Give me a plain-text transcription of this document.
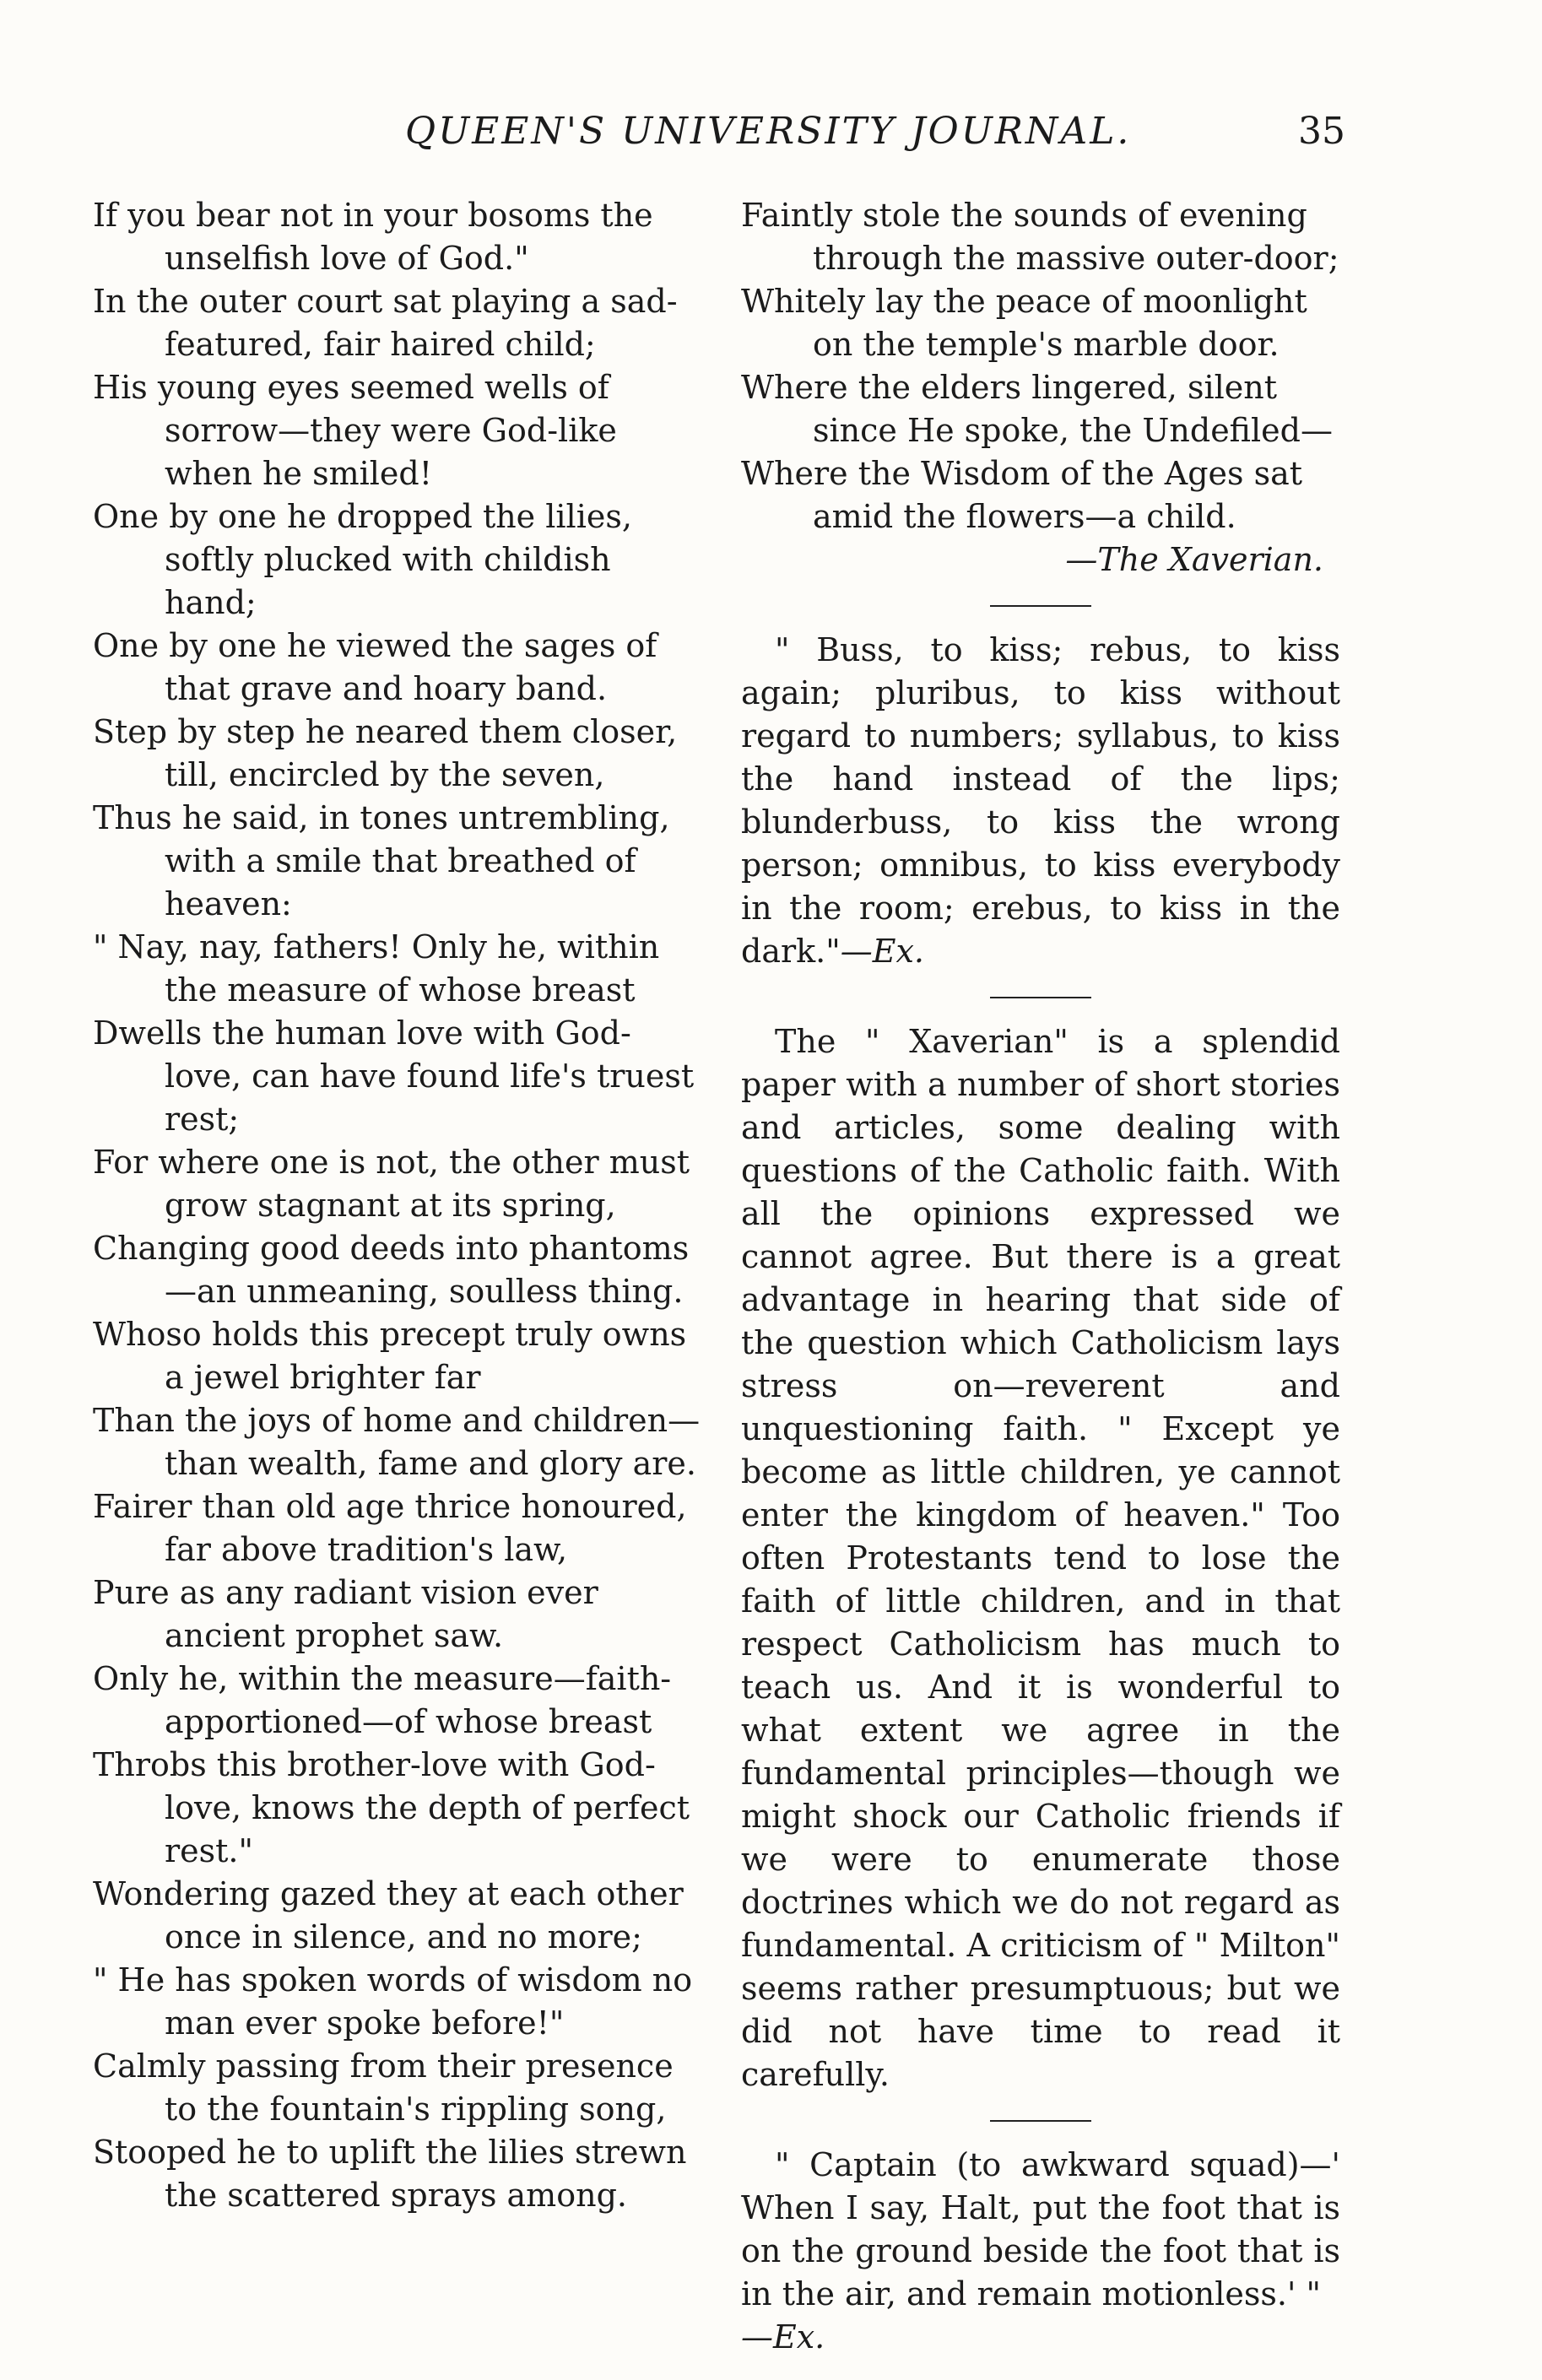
QUEEN'S UNIVERSITY JOURNAL.	35
If you bear not in your bosoms the unselfish love of God."
In the outer court sat playing a sad-featured, fair haired child;
His young eyes seemed wells of sorrow—they were God-like when he smiled!
One by one he dropped the lilies, softly plucked with childish hand;
One by one he viewed the sages of that grave and hoary band.
Step by step he neared them closer, till, encircled by the seven,
Thus he said, in tones untrembling, with a smile that breathed of heaven:
" Nay, nay, fathers! Only he, within the measure of whose breast
Dwells the human love with God-love, can have found life's truest rest;
For where one is not, the other must grow stagnant at its spring,
Changing good deeds into phantoms—an unmeaning, soulless thing.
Whoso holds this precept truly owns a jewel brighter far
Than the joys of home and children—than wealth, fame and glory are.
Fairer than old age thrice honoured, far above tradition's law,
Pure as any radiant vision ever ancient prophet saw.
Only he, within the measure—faith-apportioned—of whose breast
Throbs this brother-love with God-love, knows the depth of perfect rest."
Wondering gazed they at each other once in silence, and no more;
" He has spoken words of wisdom no man ever spoke before!"
Calmly passing from their presence to the fountain's rippling song,
Stooped he to uplift the lilies strewn the scattered sprays among.
Faintly stole the sounds of evening through the massive outer-door;
Whitely lay the peace of moonlight on the temple's marble door.
Where the elders lingered, silent since He spoke, the Undefiled—
Where the Wisdom of the Ages sat amid the flowers—a child.
—The Xaverian.

" Buss, to kiss; rebus, to kiss again; pluribus, to kiss without regard to numbers; syllabus, to kiss the hand instead of the lips; blunderbuss, to kiss the wrong person; omnibus, to kiss everybody in the room; erebus, to kiss in the dark."—Ex.

The " Xaverian" is a splendid paper with a number of short stories and articles, some dealing with questions of the Catholic faith. With all the opinions expressed we cannot agree. But there is a great advantage in hearing that side of the question which Catholicism lays stress on—reverent and unquestioning faith. " Except ye become as little children, ye cannot enter the kingdom of heaven." Too often Protestants tend to lose the faith of little children, and in that respect Catholicism has much to teach us. And it is wonderful to what extent we agree in the fundamental principles—though we might shock our Catholic friends if we were to enumerate those doctrines which we do not regard as fundamental. A criticism of " Milton" seems rather presumptuous; but we did not have time to read it carefully.

" Captain (to awkward squad)—' When I say, Halt, put the foot that is on the ground beside the foot that is in the air, and remain motionless.' "
—Ex.
